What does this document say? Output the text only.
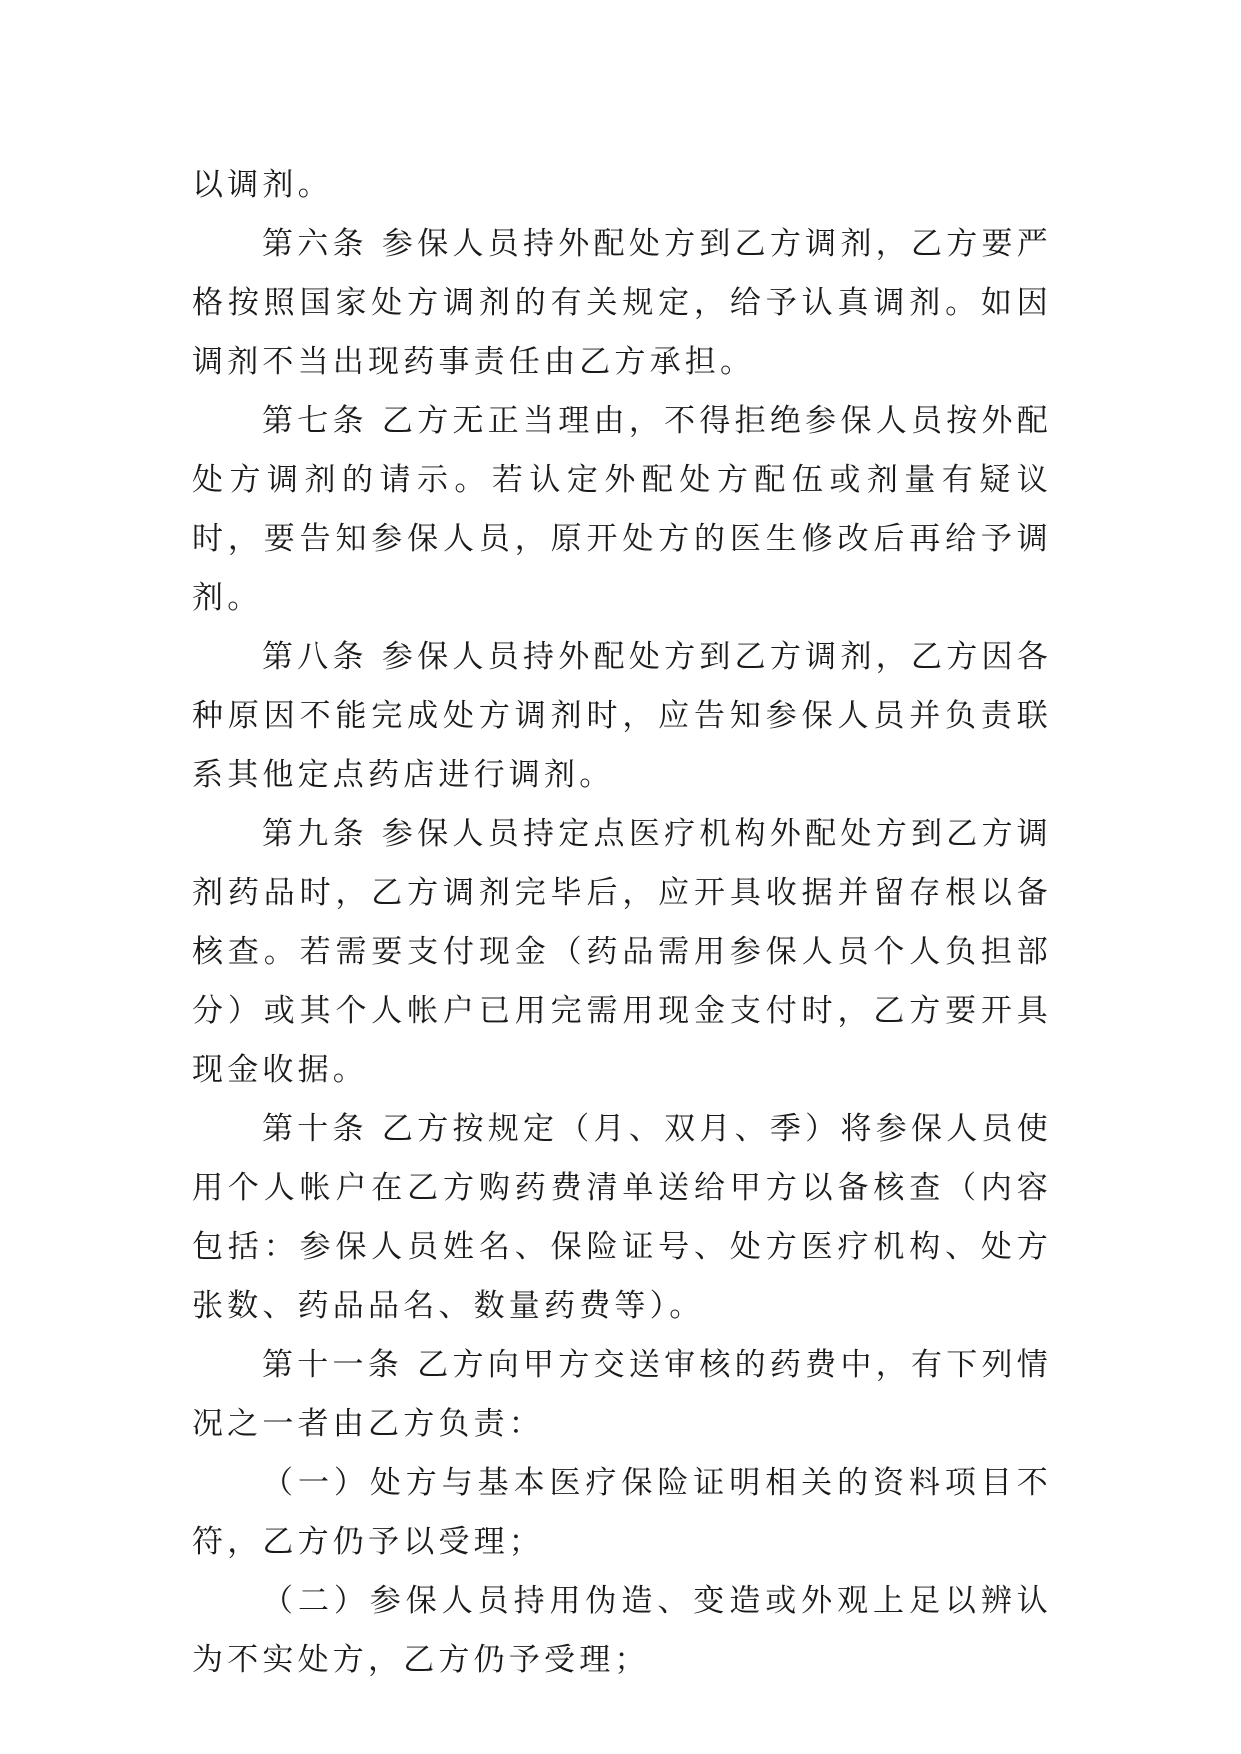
以调剂。

第六条 参保人员持外配处方到乙方调剂，乙方要严格按照国家处方调剂的有关规定，给予认真调剂。如因调剂不当出现药事责任由乙方承担。

第七条 乙方无正当理由，不得拒绝参保人员按外配处方调剂的请示。若认定外配处方配伍或剂量有疑议时，要告知参保人员，原开处方的医生修改后再给予调剂。

第八条 参保人员持外配处方到乙方调剂，乙方因各种原因不能完成处方调剂时，应告知参保人员并负责联系其他定点药店进行调剂。

第九条 参保人员持定点医疗机构外配处方到乙方调剂药品时，乙方调剂完毕后，应开具收据并留存根以备核查。若需要支付现金（药品需用参保人员个人负担部分）或其个人帐户已用完需用现金支付时，乙方要开具现金收据。

第十条 乙方按规定（月、双月、季）将参保人员使用个人帐户在乙方购药费清单送给甲方以备核查（内容包括：参保人员姓名、保险证号、处方医疗机构、处方张数、药品品名、数量药费等）。

第十一条 乙方向甲方交送审核的药费中，有下列情况之一者由乙方负责：

（一）处方与基本医疗保险证明相关的资料项目不符，乙方仍予以受理；

（二）参保人员持用伪造、变造或外观上足以辨认为不实处方，乙方仍予受理；
